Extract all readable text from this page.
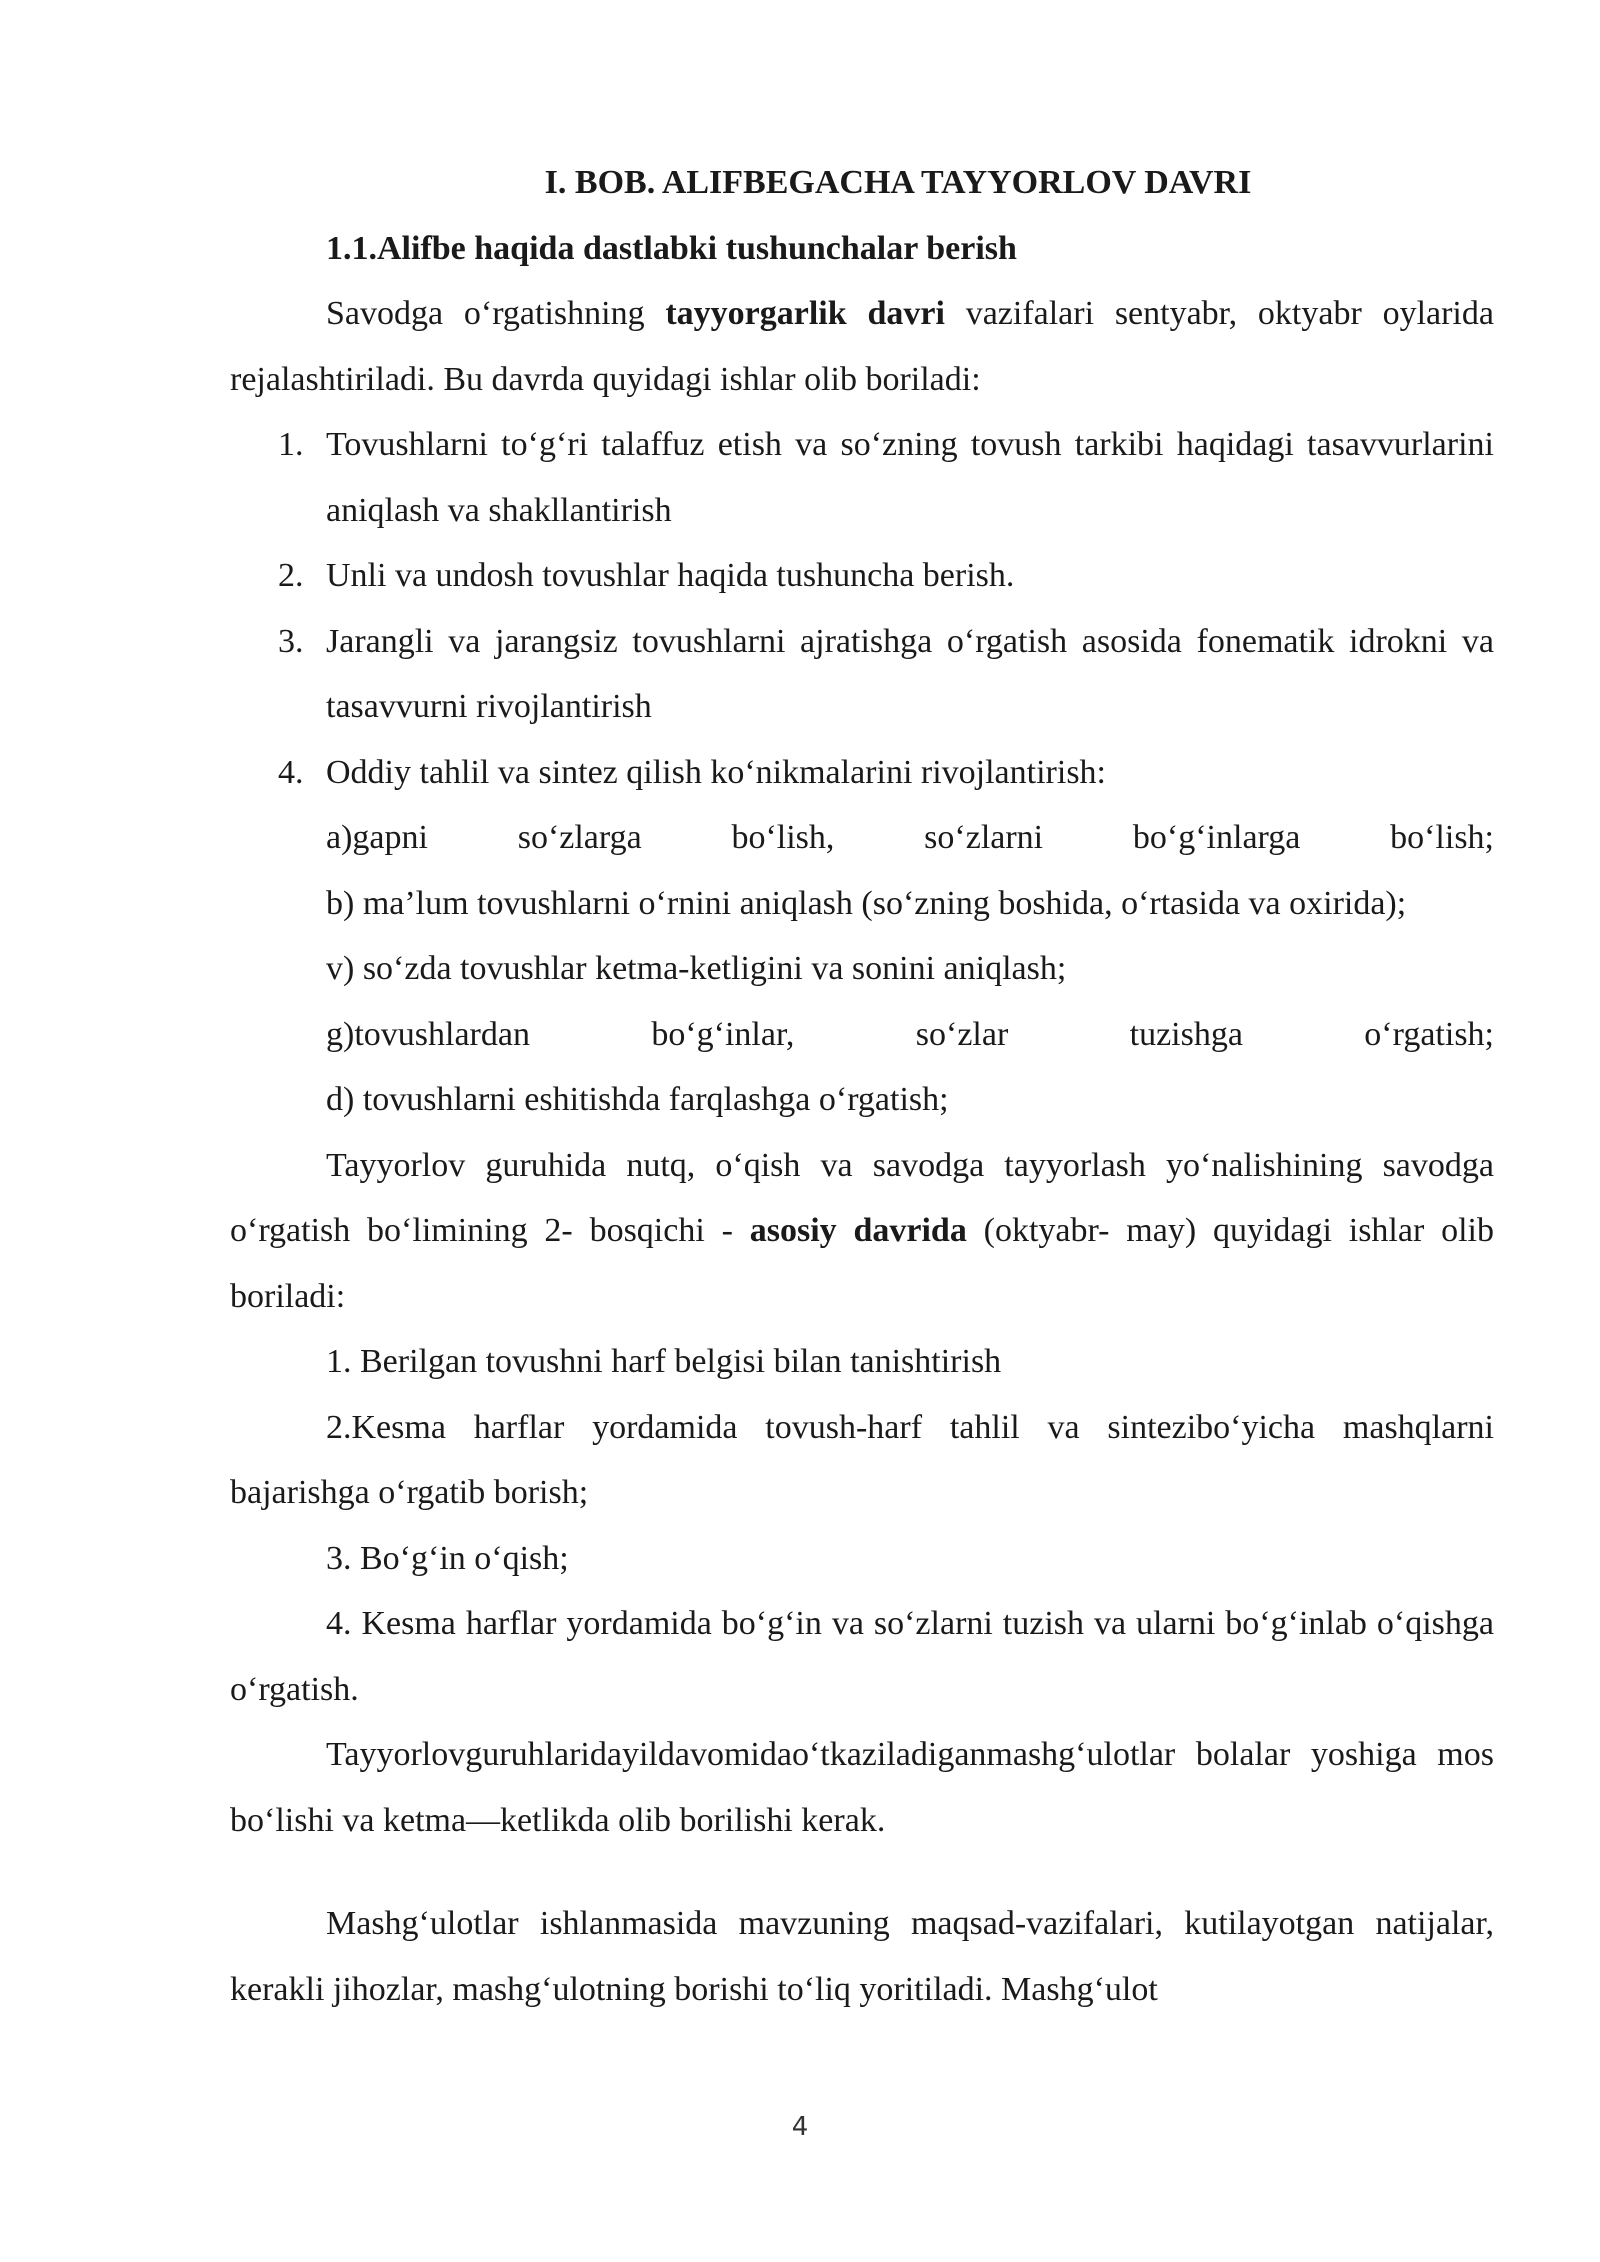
I. BOB. ALIFBEGACHA TAYYORLOV DAVRI

1.1.Alifbe haqida dastlabki tushunchalar berish

Savodga o‘rgatishning tayyorgarlik davri vazifalari sentyabr, oktyabr oylarida rejalashtiriladi. Bu davrda quyidagi ishlar olib boriladi:

1. Tovushlarni to‘g‘ri talaffuz etish va so‘zning tovush tarkibi haqidagi tasavvurlarini aniqlash va shakllantirish
2. Unli va undosh tovushlar haqida tushuncha berish.
3. Jarangli va jarangsiz tovushlarni ajratishga o‘rgatish asosida fonematik idrokni va tasavvurni rivojlantirish
4. Oddiy tahlil va sintez qilish ko‘nikmalarini rivojlantirish:

a)gapni so‘zlarga bo‘lish, so‘zlarni bo‘g‘inlarga bo‘lish;

b) ma’lum tovushlarni o‘rnini aniqlash (so‘zning boshida, o‘rtasida va oxirida);

v) so‘zda tovushlar ketma-ketligini va sonini aniqlash;

g)tovushlardan bo‘g‘inlar, so‘zlar tuzishga o‘rgatish;

d) tovushlarni eshitishda farqlashga o‘rgatish;

Tayyorlov guruhida nutq, o‘qish va savodga tayyorlash yo‘nalishining savodga o‘rgatish bo‘limining 2- bosqichi - asosiy davrida (oktyabr- may) quyidagi ishlar olib boriladi:

1. Berilgan tovushni harf belgisi bilan tanishtirish

2.Kesma harflar yordamida tovush-harf tahlil va sintezibo‘yicha mashqlarni bajarishga o‘rgatib borish;

3. Bo‘g‘in o‘qish;

4. Kesma harflar yordamida bo‘g‘in va so‘zlarni tuzish va ularni bo‘g‘inlab o‘qishga o‘rgatish.

Tayyorlovguruhlaridayildavomidao‘tkaziladiganmashg‘ulotlar bolalar yoshiga mos bo‘lishi va ketma—ketlikda olib borilishi kerak.

Mashg‘ulotlar ishlanmasida mavzuning maqsad-vazifalari, kutilayotgan natijalar, kerakli jihozlar, mashg‘ulotning borishi to‘liq yoritiladi. Mashg‘ulot

4
